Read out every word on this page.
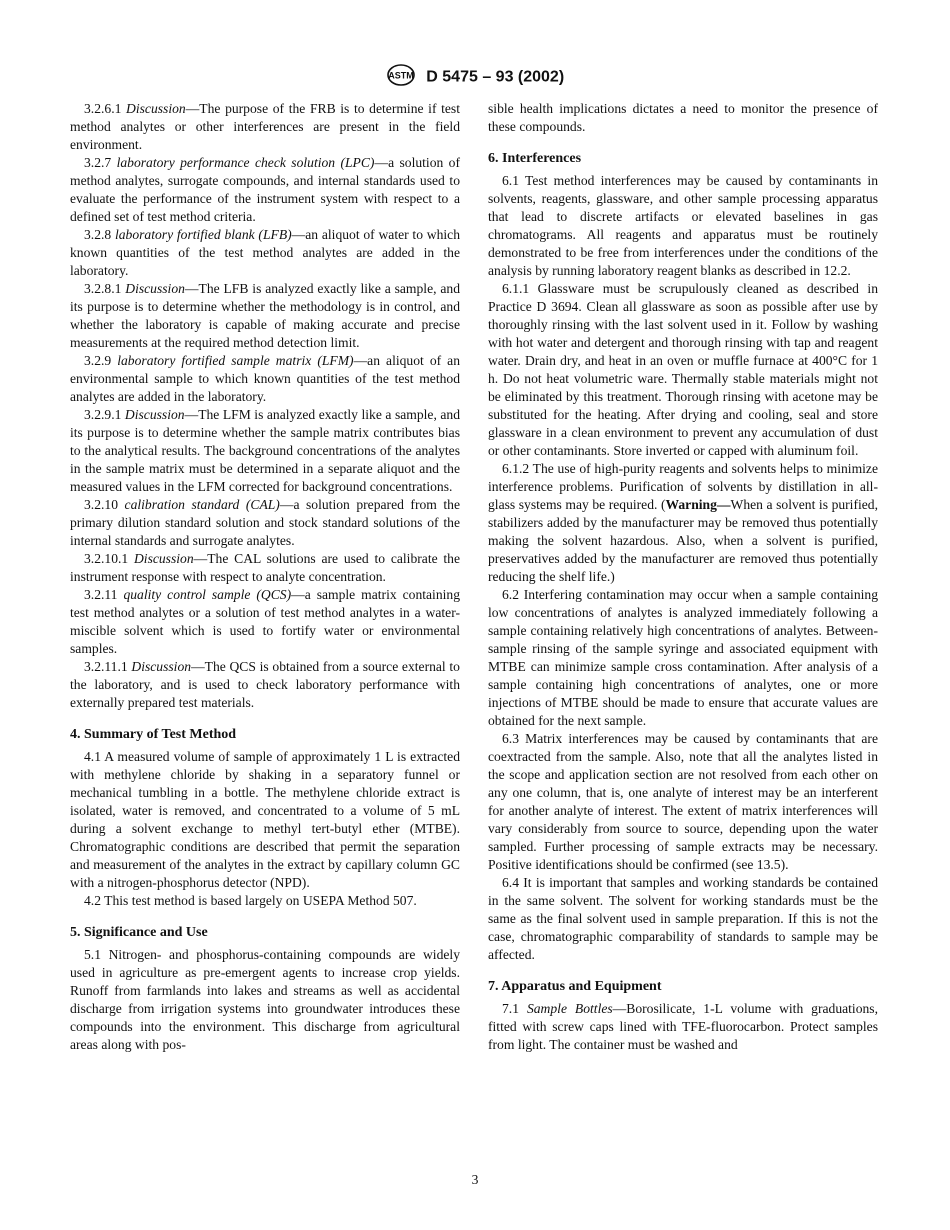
ASTM D 5475 – 93 (2002)

3.2.6.1 Discussion—The purpose of the FRB is to determine if test method analytes or other interferences are present in the field environment.

3.2.7 laboratory performance check solution (LPC)—a solution of method analytes, surrogate compounds, and internal standards used to evaluate the performance of the instrument system with respect to a defined set of test method criteria.

3.2.8 laboratory fortified blank (LFB)—an aliquot of water to which known quantities of the test method analytes are added in the laboratory.

3.2.8.1 Discussion—The LFB is analyzed exactly like a sample, and its purpose is to determine whether the methodology is in control, and whether the laboratory is capable of making accurate and precise measurements at the required method detection limit.

3.2.9 laboratory fortified sample matrix (LFM)—an aliquot of an environmental sample to which known quantities of the test method analytes are added in the laboratory.

3.2.9.1 Discussion—The LFM is analyzed exactly like a sample, and its purpose is to determine whether the sample matrix contributes bias to the analytical results. The background concentrations of the analytes in the sample matrix must be determined in a separate aliquot and the measured values in the LFM corrected for background concentrations.

3.2.10 calibration standard (CAL)—a solution prepared from the primary dilution standard solution and stock standard solutions of the internal standards and surrogate analytes.

3.2.10.1 Discussion—The CAL solutions are used to calibrate the instrument response with respect to analyte concentration.

3.2.11 quality control sample (QCS)—a sample matrix containing test method analytes or a solution of test method analytes in a water-miscible solvent which is used to fortify water or environmental samples.

3.2.11.1 Discussion—The QCS is obtained from a source external to the laboratory, and is used to check laboratory performance with externally prepared test materials.

4. Summary of Test Method

4.1 A measured volume of sample of approximately 1 L is extracted with methylene chloride by shaking in a separatory funnel or mechanical tumbling in a bottle. The methylene chloride extract is isolated, water is removed, and concentrated to a volume of 5 mL during a solvent exchange to methyl tert-butyl ether (MTBE). Chromatographic conditions are described that permit the separation and measurement of the analytes in the extract by capillary column GC with a nitrogen-phosphorus detector (NPD).

4.2 This test method is based largely on USEPA Method 507.

5. Significance and Use

5.1 Nitrogen- and phosphorus-containing compounds are widely used in agriculture as pre-emergent agents to increase crop yields. Runoff from farmlands into lakes and streams as well as accidental discharge from irrigation systems into groundwater introduces these compounds into the environment. This discharge from agricultural areas along with pos-

sible health implications dictates a need to monitor the presence of these compounds.

6. Interferences

6.1 Test method interferences may be caused by contaminants in solvents, reagents, glassware, and other sample processing apparatus that lead to discrete artifacts or elevated baselines in gas chromatograms. All reagents and apparatus must be routinely demonstrated to be free from interferences under the conditions of the analysis by running laboratory reagent blanks as described in 12.2.

6.1.1 Glassware must be scrupulously cleaned as described in Practice D 3694. Clean all glassware as soon as possible after use by thoroughly rinsing with the last solvent used in it. Follow by washing with hot water and detergent and thorough rinsing with tap and reagent water. Drain dry, and heat in an oven or muffle furnace at 400°C for 1 h. Do not heat volumetric ware. Thermally stable materials might not be eliminated by this treatment. Thorough rinsing with acetone may be substituted for the heating. After drying and cooling, seal and store glassware in a clean environment to prevent any accumulation of dust or other contaminants. Store inverted or capped with aluminum foil.

6.1.2 The use of high-purity reagents and solvents helps to minimize interference problems. Purification of solvents by distillation in all-glass systems may be required. (Warning—When a solvent is purified, stabilizers added by the manufacturer may be removed thus potentially making the solvent hazardous. Also, when a solvent is purified, preservatives added by the manufacturer are removed thus potentially reducing the shelf life.)

6.2 Interfering contamination may occur when a sample containing low concentrations of analytes is analyzed immediately following a sample containing relatively high concentrations of analytes. Between-sample rinsing of the sample syringe and associated equipment with MTBE can minimize sample cross contamination. After analysis of a sample containing high concentrations of analytes, one or more injections of MTBE should be made to ensure that accurate values are obtained for the next sample.

6.3 Matrix interferences may be caused by contaminants that are coextracted from the sample. Also, note that all the analytes listed in the scope and application section are not resolved from each other on any one column, that is, one analyte of interest may be an interferent for another analyte of interest. The extent of matrix interferences will vary considerably from source to source, depending upon the water sampled. Further processing of sample extracts may be necessary. Positive identifications should be confirmed (see 13.5).

6.4 It is important that samples and working standards be contained in the same solvent. The solvent for working standards must be the same as the final solvent used in sample preparation. If this is not the case, chromatographic comparability of standards to sample may be affected.

7. Apparatus and Equipment

7.1 Sample Bottles—Borosilicate, 1-L volume with graduations, fitted with screw caps lined with TFE-fluorocarbon. Protect samples from light. The container must be washed and

3
